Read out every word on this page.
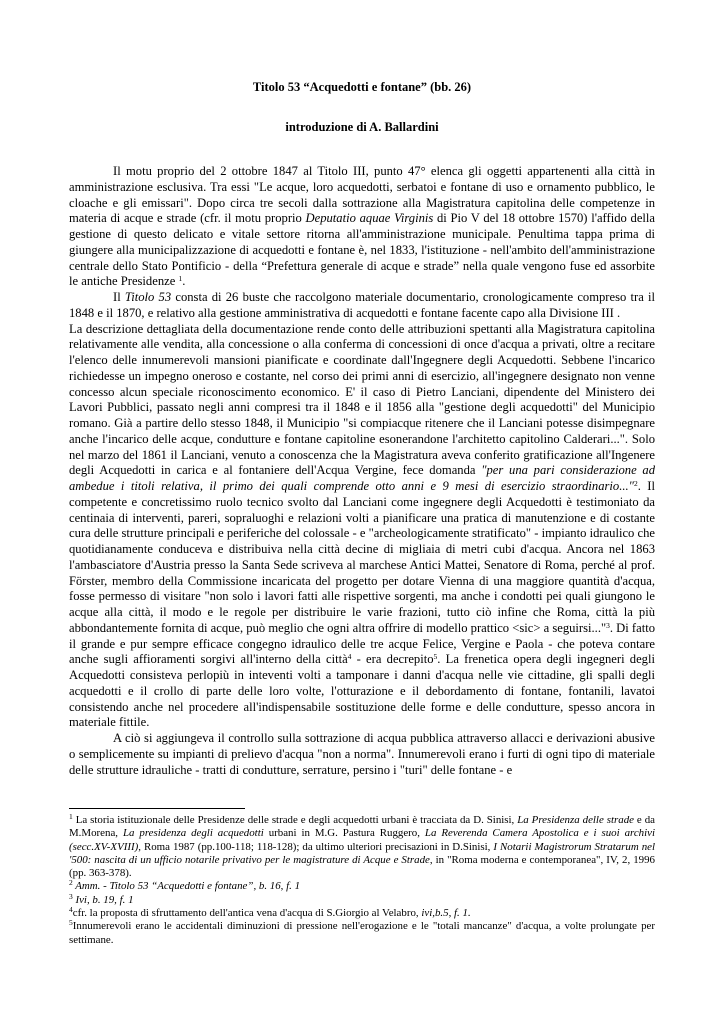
Titolo 53 “Acquedotti e fontane” (bb. 26)
introduzione di A. Ballardini

Il motu proprio del 2 ottobre 1847 al Titolo III, punto 47° elenca gli oggetti appartenenti alla città in amministrazione esclusiva. Tra essi "Le acque, loro acquedotti, serbatoi e fontane di uso e ornamento pubblico, le cloache e gli emissari". Dopo circa tre secoli dalla sottrazione alla Magistratura capitolina delle competenze in materia di acque e strade (cfr. il motu proprio Deputatio aquae Virginis di Pio V del 18 ottobre 1570) l'affido della gestione di questo delicato e vitale settore ritorna all'amministrazione municipale. Penultima tappa prima di giungere alla municipalizzazione di acquedotti e fontane è, nel 1833, l'istituzione - nell'ambito dell'amministrazione centrale dello Stato Pontificio - della “Prefettura generale di acque e strade” nella quale vengono fuse ed assorbite le antiche Presidenze $^1$.

Il Titolo 53 consta di 26 buste che raccolgono materiale documentario, cronologicamente compreso tra il 1848 e il 1870, e relativo alla gestione amministrativa di acquedotti e fontane facente capo alla Divisione III .

La descrizione dettagliata della documentazione rende conto delle attribuzioni spettanti alla Magistratura capitolina relativamente alle vendita, alla concessione o alla conferma di concessioni di once d'acqua a privati, oltre a recitare l'elenco delle innumerevoli mansioni pianificate e coordinate dall'Ingegnere degli Acquedotti. Sebbene l'incarico richiedesse un impegno oneroso e costante, nel corso dei primi anni di esercizio, all'ingegnere designato non venne concesso alcun speciale riconoscimento economico. E' il caso di Pietro Lanciani, dipendente del Ministero dei Lavori Pubblici, passato negli anni compresi tra il 1848 e il 1856 alla "gestione degli acquedotti" del Municipio romano. Già a partire dello stesso 1848, il Municipio "si compiacque ritenere che il Lanciani potesse disimpegnare anche l'incarico delle acque, condutture e fontane capitoline esonerandone l'architetto capitolino Calderari...". Solo nel marzo del 1861 il Lanciani, venuto a conoscenza che la Magistratura aveva conferito gratificazione all'Ingenere degli Acquedotti in carica e al fontaniere dell'Acqua Vergine, fece domanda "per una pari considerazione ad ambedue i titoli relativa, il primo dei quali comprende otto anni e 9 mesi di esercizio straordinario..."$^2$. Il competente e concretissimo ruolo tecnico svolto dal Lanciani come ingegnere degli Acquedotti è testimoniato da centinaia di interventi, pareri, sopraluoghi e relazioni volti a pianificare una pratica di manutenzione e di costante cura delle strutture principali e periferiche del colossale - e "archeologicamente stratificato" - impianto idraulico che quotidianamente conduceva e distribuiva nella città decine di migliaia di metri cubi d'acqua. Ancora nel 1863 l'ambasciatore d'Austria presso la Santa Sede scriveva al marchese Antici Mattei, Senatore di Roma, perché al prof. Förster, membro della Commissione incaricata del progetto per dotare Vienna di una maggiore quantità d'acqua, fosse permesso di visitare "non solo i lavori fatti alle rispettive sorgenti, ma anche i condotti pei quali giungono le acque alla città, il modo e le regole per distribuire le varie frazioni, tutto ciò infine che Roma, città la più abbondantemente fornita di acque, può meglio che ogni altra offrire di modello prattico <sic> a seguirsi..."$^3$. Di fatto il grande e pur sempre efficace congegno idraulico delle tre acque Felice, Vergine e Paola - che poteva contare anche sugli affioramenti sorgivi all'interno della città$^4$ - era decrepito$^5$. La frenetica opera degli ingegneri degli Acquedotti consisteva perlopiù in inteventi volti a tamponare i danni d'acqua nelle vie cittadine, gli spalli degli acquedotti e il crollo di parte delle loro volte, l'otturazione e il debordamento di fontane, fontanili, lavatoi consistendo anche nel procedere all'indispensabile sostituzione delle forme e delle condutture, spesso ancora in materiale fittile.

A ciò si aggiungeva il controllo sulla sottrazione di acqua pubblica attraverso allacci e derivazioni abusive o semplicemente su impianti di prelievo d'acqua "non a norma". Innumerevoli erano i furti di ogni tipo di materiale delle strutture idrauliche - tratti di condutture, serrature, persino i "turi" delle fontane - e

$^1$ La storia istituzionale delle Presidenze delle strade e degli acquedotti urbani è tracciata da D. Sinisi, La Presidenza delle strade e da M.Morena, La presidenza degli acquedotti urbani in M.G. Pastura Ruggero, La Reverenda Camera Apostolica e i suoi archivi (secc.XV-XVIII), Roma 1987 (pp.100-118; 118-128); da ultimo ulteriori precisazioni in D.Sinisi, I Notarii Magistrorum Stratarum nel '500: nascita di un ufficio notarile privativo per le magistrature di Acque e Strade, in "Roma moderna e contemporanea", IV, 2, 1996 (pp. 363-378).

$^2$ Amm. - Titolo 53 “Acquedotti e fontane”, b. 16, f. 1

$^3$ Ivi, b. 19, f. 1

$^4$cfr. la proposta di sfruttamento dell'antica vena d'acqua di S.Giorgio al Velabro, ivi,b.5, f. 1.

$^5$Innumerevoli erano le accidentali diminuzioni di pressione nell'erogazione e le "totali mancanze" d'acqua, a volte prolungate per settimane.
